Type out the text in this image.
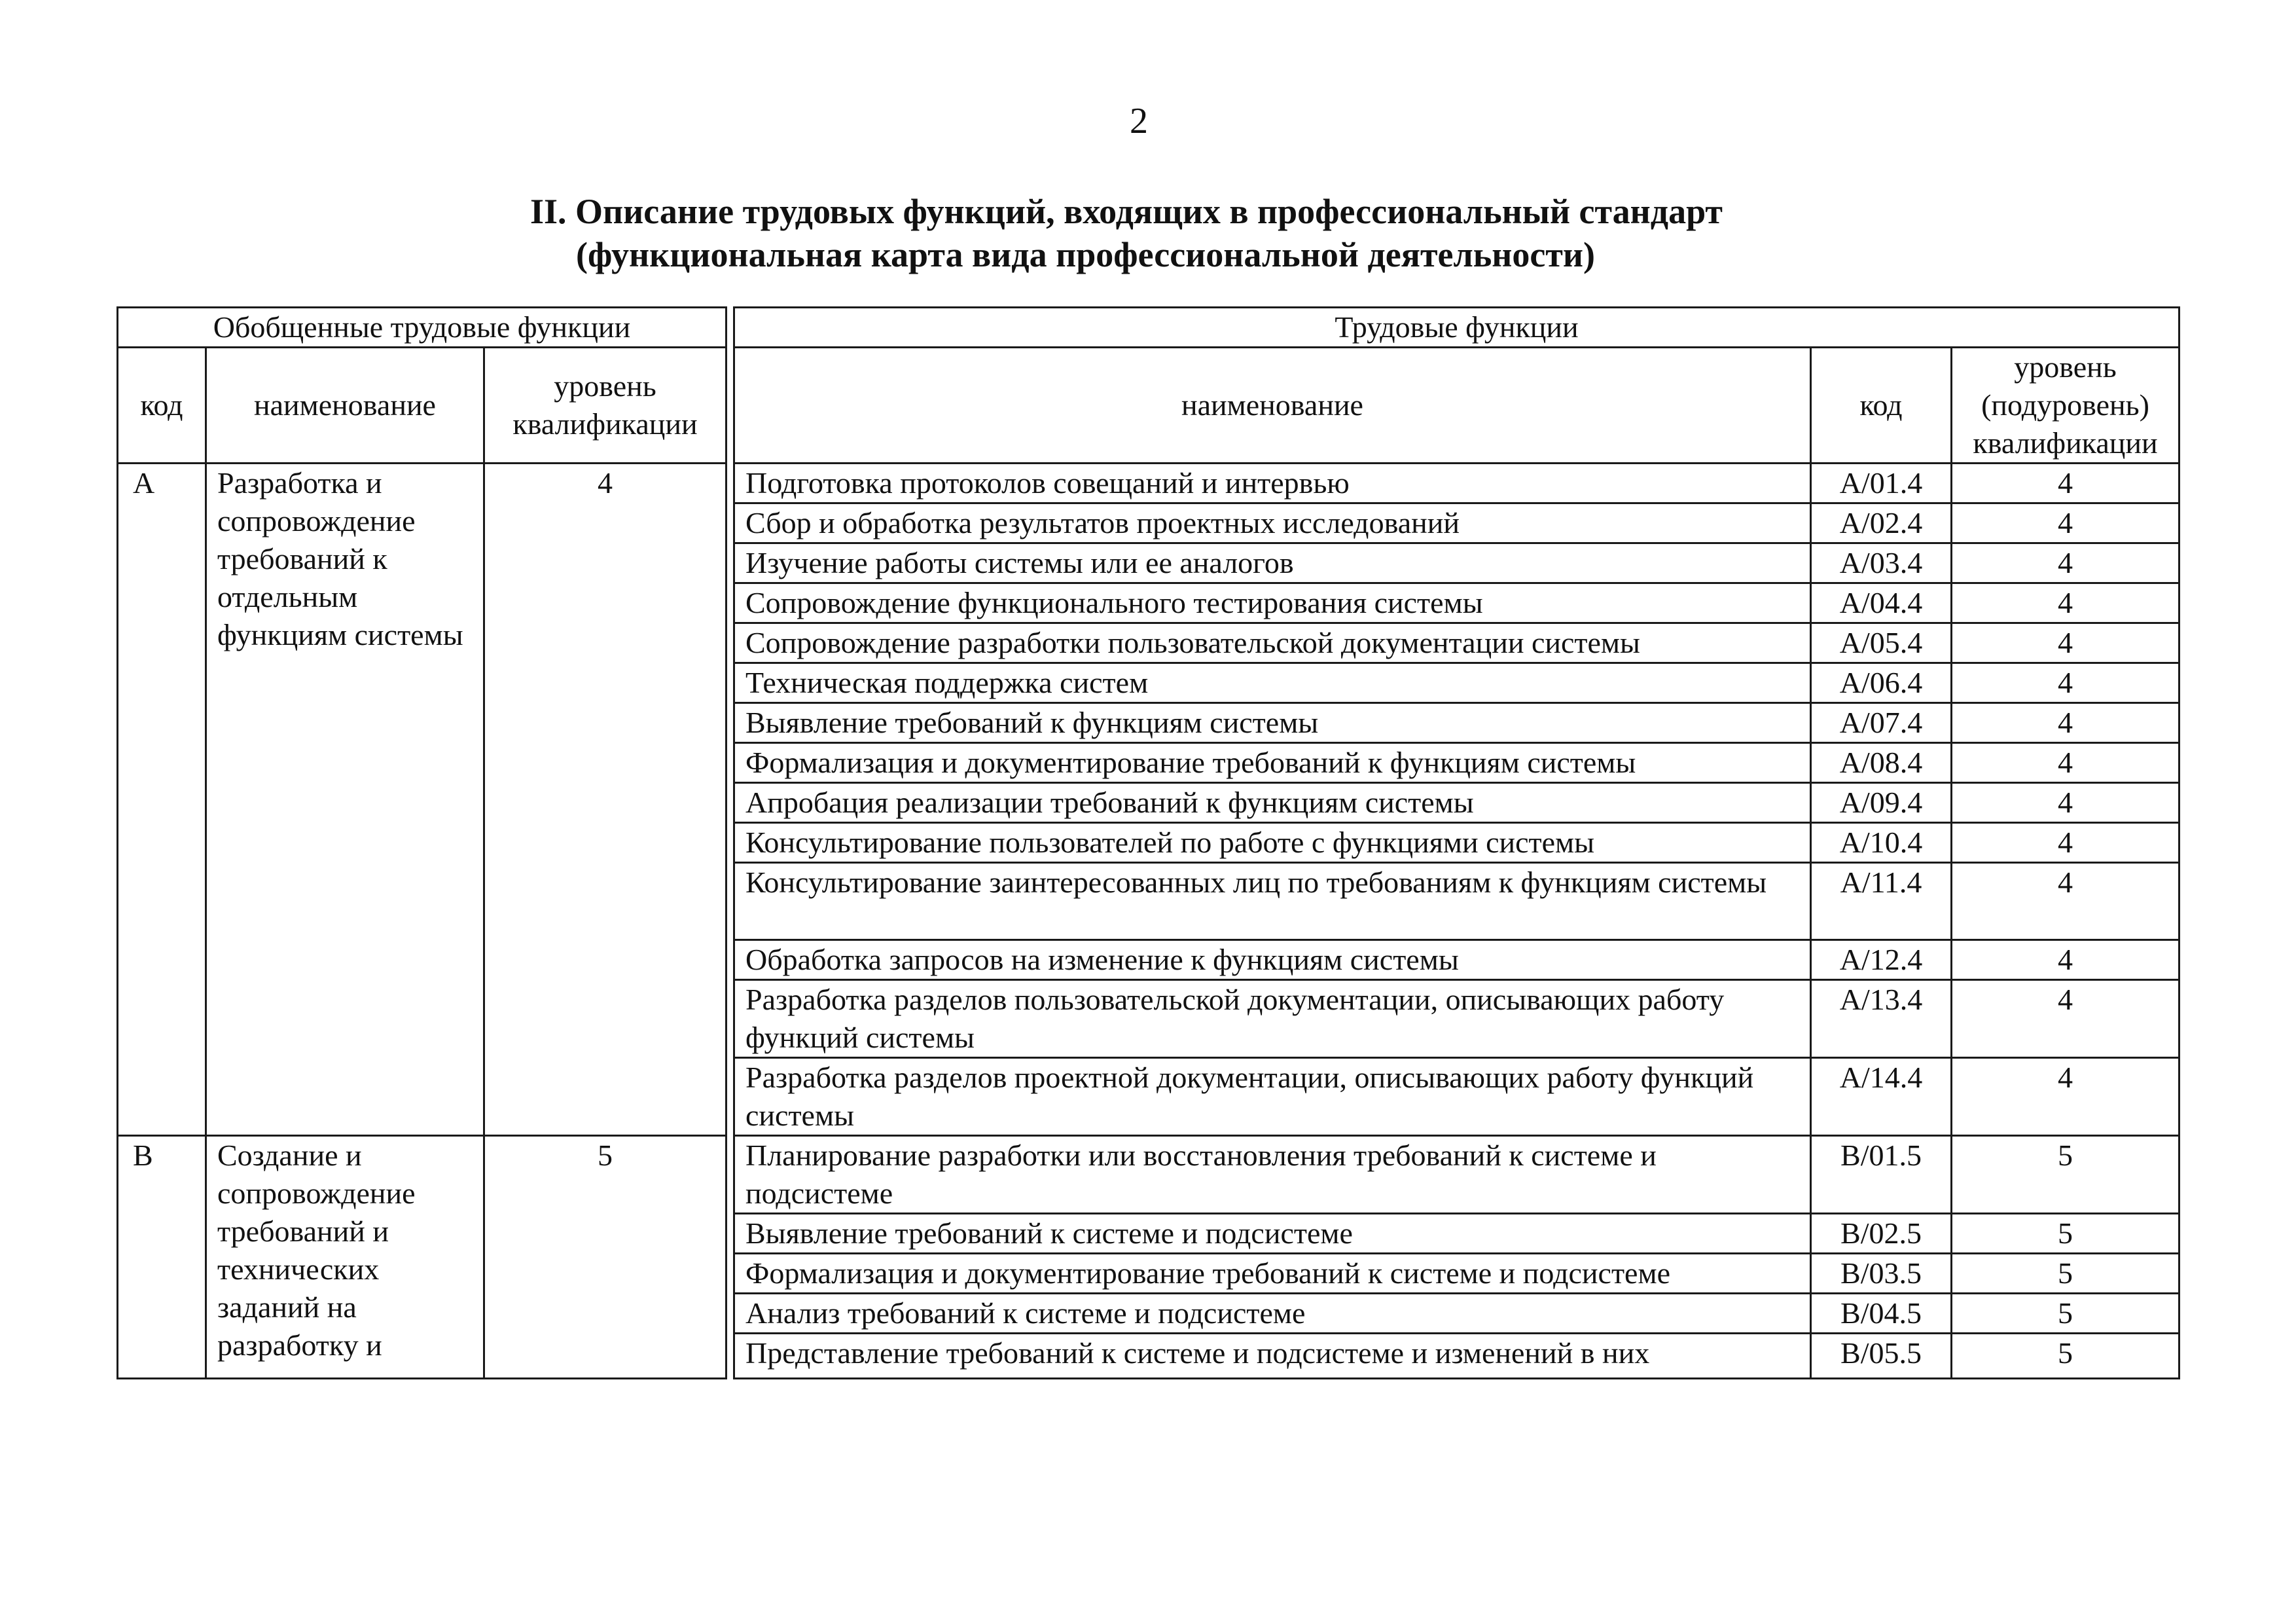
2
II. Описание трудовых функций, входящих в профессиональный стандарт
(функциональная карта вида профессиональной деятельности)
Обобщенные трудовые функции				Трудовые функции		
код	наименование	уровень квалификации		наименование	код	уровень (подуровень) квалификации
A	Разработка и сопровождение требований к отдельным функциям системы	4		Подготовка протоколов совещаний и интервью	A/01.4	4
				Сбор и обработка результатов проектных исследований	A/02.4	4
				Изучение работы системы или ее аналогов	A/03.4	4
				Сопровождение функционального тестирования системы	A/04.4	4
				Сопровождение разработки пользовательской документации системы	A/05.4	4
				Техническая поддержка систем	A/06.4	4
				Выявление требований к функциям системы	A/07.4	4
				Формализация и документирование требований к функциям системы	A/08.4	4
				Апробация реализации требований к функциям системы	A/09.4	4
				Консультирование пользователей по работе с функциями системы	A/10.4	4
				Консультирование заинтересованных лиц по требованиям к функциям системы	A/11.4	4
				Обработка запросов на изменение к функциям системы	A/12.4	4
				Разработка разделов пользовательской документации, описывающих работу функций системы	A/13.4	4
				Разработка разделов проектной документации, описывающих работу функций системы	A/14.4	4
B	Создание и сопровождение требований и технических заданий на разработку и	5		Планирование разработки или восстановления требований к системе и подсистеме	B/01.5	5
				Выявление требований к системе и подсистеме	B/02.5	5
				Формализация и документирование требований к системе и подсистеме	B/03.5	5
				Анализ требований к системе и подсистеме	B/04.5	5
				Представление требований к системе и подсистеме и изменений в них	B/05.5	5
